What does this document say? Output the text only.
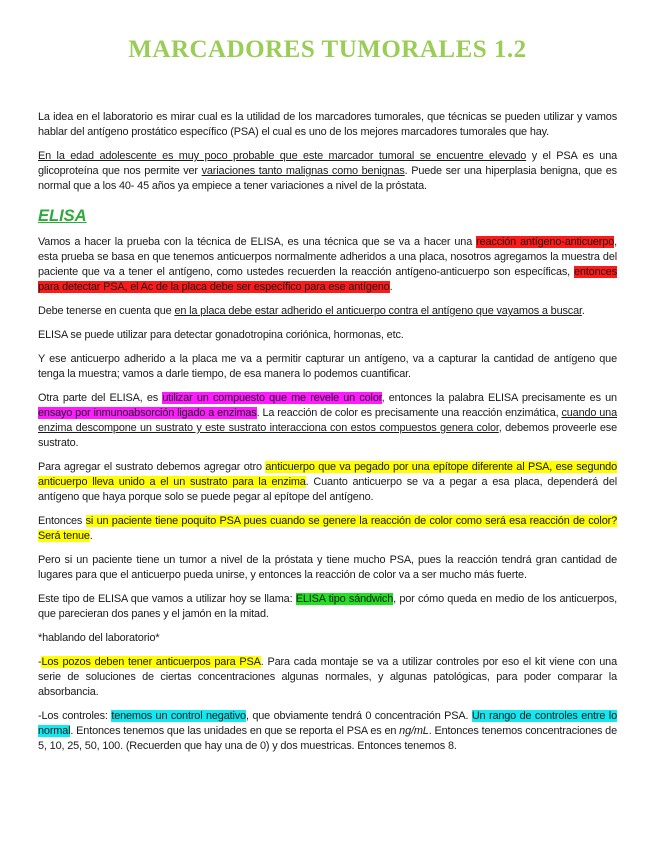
MARCADORES TUMORALES 1.2

La idea en el laboratorio es mirar cual es la utilidad de los marcadores tumorales, que técnicas se pueden utilizar y vamos hablar del antígeno prostático específico (PSA) el cual es uno de los mejores marcadores tumorales que hay.

En la edad adolescente es muy poco probable que este marcador tumoral se encuentre elevado y el PSA es una glicoproteína que nos permite ver variaciones tanto malignas como benignas. Puede ser una hiperplasia benigna, que es normal que a los 40- 45 años ya empiece a tener variaciones a nivel de la próstata.

ELISA

Vamos a hacer la prueba con la técnica de ELISA, es una técnica que se va a hacer una reacción antígeno-anticuerpo, esta prueba se basa en que tenemos anticuerpos normalmente adheridos a una placa, nosotros agregamos la muestra del paciente que va a tener el antígeno, como ustedes recuerden la reacción antígeno-anticuerpo son específicas, entonces para detectar PSA, el Ac de la placa debe ser específico para ese antígeno.

Debe tenerse en cuenta que en la placa debe estar adherido el anticuerpo contra el antígeno que vayamos a buscar.

ELISA se puede utilizar para detectar gonadotropina coriónica, hormonas, etc.

Y ese anticuerpo adherido a la placa me va a permitir capturar un antígeno, va a capturar la cantidad de antígeno que tenga la muestra; vamos a darle tiempo, de esa manera lo podemos cuantificar.

Otra parte del ELISA, es utilizar un compuesto que me revele un color, entonces la palabra ELISA precisamente es un ensayo por inmunoabsorción ligado a enzimas. La reacción de color es precisamente una reacción enzimática, cuando una enzima descompone un sustrato y este sustrato interacciona con estos compuestos genera color, debemos proveerle ese sustrato.

Para agregar el sustrato debemos agregar otro anticuerpo que va pegado por una epítope diferente al PSA, ese segundo anticuerpo lleva unido a el un sustrato para la enzima. Cuanto anticuerpo se va a pegar a esa placa, dependerá del antígeno que haya porque solo se puede pegar al epítope del antígeno.

Entonces si un paciente tiene poquito PSA pues cuando se genere la reacción de color como será esa reacción de color? Será tenue.

Pero si un paciente tiene un tumor a nivel de la próstata y tiene mucho PSA, pues la reacción tendrá gran cantidad de lugares para que el anticuerpo pueda unirse, y entonces la reacción de color va a ser mucho más fuerte.

Este tipo de ELISA que vamos a utilizar hoy se llama: ELISA tipo sándwich, por cómo queda en medio de los anticuerpos, que parecieran dos panes y el jamón en la mitad.

*hablando del laboratorio*

-Los pozos deben tener anticuerpos para PSA. Para cada montaje se va a utilizar controles por eso el kit viene con una serie de soluciones de ciertas concentraciones algunas normales, y algunas patológicas, para poder comparar la absorbancia.

-Los controles: tenemos un control negativo, que obviamente tendrá 0 concentración PSA. Un rango de controles entre lo normal. Entonces tenemos que las unidades en que se reporta el PSA es en ng/mL. Entonces tenemos concentraciones de 5, 10, 25, 50, 100. (Recuerden que hay una de 0) y dos muestricas. Entonces tenemos 8.
